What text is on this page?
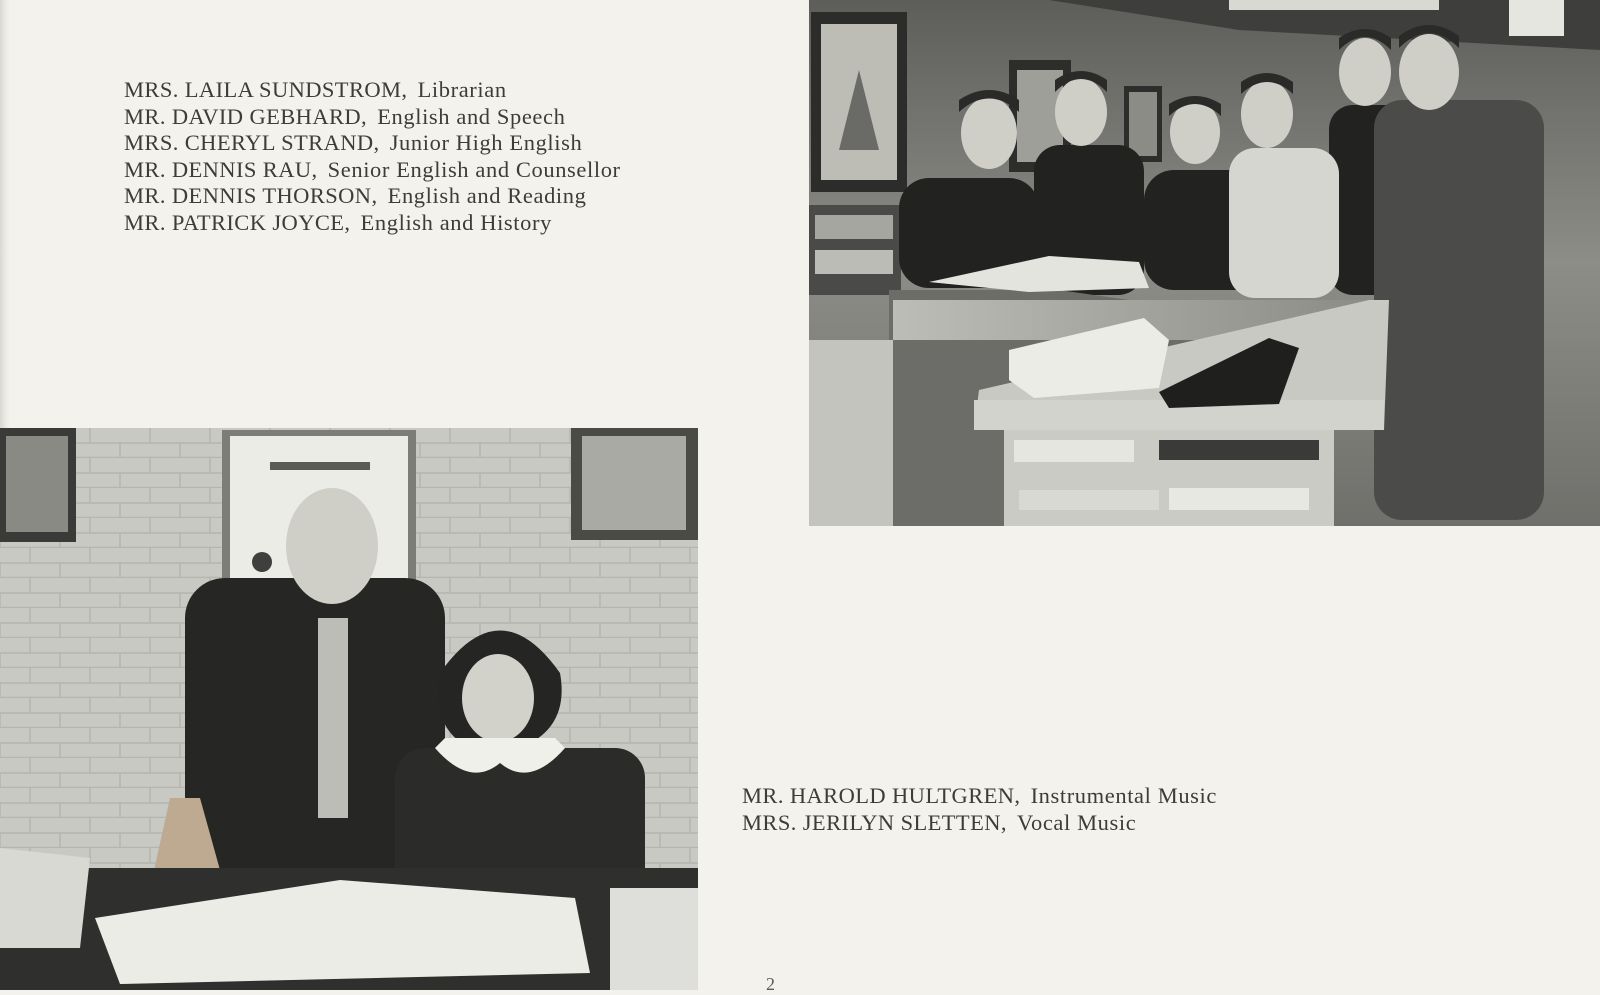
MRS. LAILA SUNDSTROM, Librarian
MR. DAVID GEBHARD, English and Speech
MRS. CHERYL STRAND, Junior High English
MR. DENNIS RAU, Senior English and Counsellor
MR. DENNIS THORSON, English and Reading
MR. PATRICK JOYCE, English and History
MR. HAROLD HULTGREN, Instrumental Music
MRS. JERILYN SLETTEN, Vocal Music
2
